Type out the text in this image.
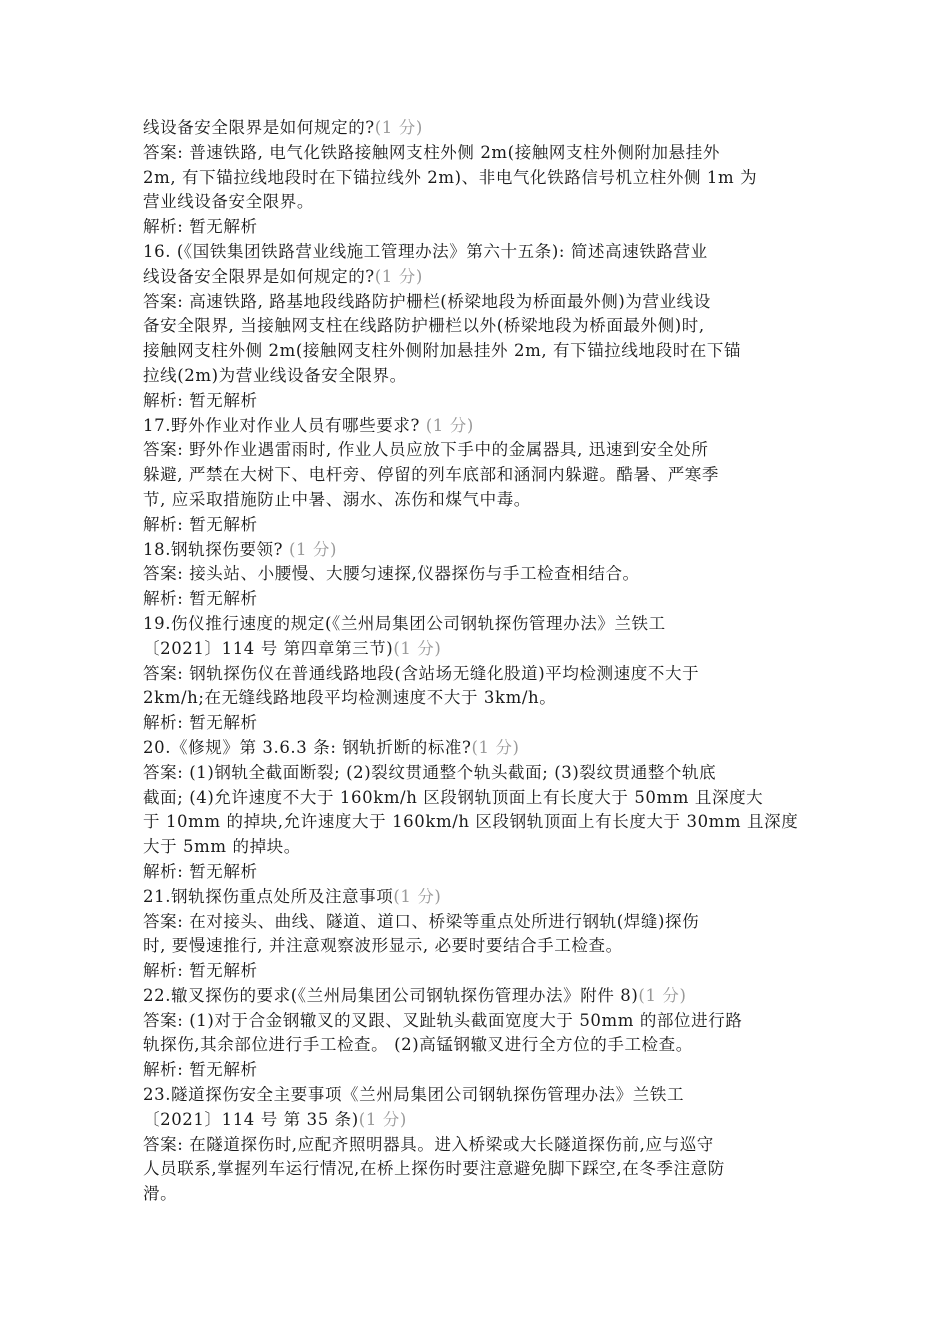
线设备安全限界是如何规定的?(1 分)
答案: 普速铁路, 电气化铁路接触网支柱外侧 2m(接触网支柱外侧附加悬挂外
2m, 有下锚拉线地段时在下锚拉线外 2m)、非电气化铁路信号机立柱外侧 1m 为
营业线设备安全限界。
解析: 暂无解析
16. (《国铁集团铁路营业线施工管理办法》第六十五条): 简述高速铁路营业
线设备安全限界是如何规定的?(1 分)
答案: 高速铁路, 路基地段线路防护栅栏(桥梁地段为桥面最外侧)为营业线设
备安全限界, 当接触网支柱在线路防护栅栏以外(桥梁地段为桥面最外侧)时,
接触网支柱外侧 2m(接触网支柱外侧附加悬挂外 2m, 有下锚拉线地段时在下锚
拉线(2m)为营业线设备安全限界。
解析: 暂无解析
17.野外作业对作业人员有哪些要求? (1 分)
答案: 野外作业遇雷雨时, 作业人员应放下手中的金属器具, 迅速到安全处所
躲避, 严禁在大树下、电杆旁、停留的列车底部和涵洞内躲避。酷暑、严寒季
节, 应采取措施防止中暑、溺水、冻伤和煤气中毒。
解析: 暂无解析
18.钢轨探伤要领? (1 分)
答案: 接头站、小腰慢、大腰匀速探,仪器探伤与手工检查相结合。
解析: 暂无解析
19.伤仪推行速度的规定(《兰州局集团公司钢轨探伤管理办法》兰铁工
〔2021〕114 号 第四章第三节)(1 分)
答案: 钢轨探伤仪在普通线路地段(含站场无缝化股道)平均检测速度不大于
2km/h;在无缝线路地段平均检测速度不大于 3km/h。
解析: 暂无解析
20.《修规》第 3.6.3 条: 钢轨折断的标准?(1 分)
答案: (1)钢轨全截面断裂; (2)裂纹贯通整个轨头截面; (3)裂纹贯通整个轨底
截面; (4)允许速度不大于 160km/h 区段钢轨顶面上有长度大于 50mm 且深度大
于 10mm 的掉块,允许速度大于 160km/h 区段钢轨顶面上有长度大于 30mm 且深度
大于 5mm 的掉块。
解析: 暂无解析
21.钢轨探伤重点处所及注意事项(1 分)
答案: 在对接头、曲线、隧道、道口、桥梁等重点处所进行钢轨(焊缝)探伤
时, 要慢速推行, 并注意观察波形显示, 必要时要结合手工检查。
解析: 暂无解析
22.辙叉探伤的要求(《兰州局集团公司钢轨探伤管理办法》附件 8)(1 分)
答案: (1)对于合金钢辙叉的叉跟、叉趾轨头截面宽度大于 50mm 的部位进行路
轨探伤,其余部位进行手工检查。 (2)高锰钢辙叉进行全方位的手工检查。
解析: 暂无解析
23.隧道探伤安全主要事项《兰州局集团公司钢轨探伤管理办法》兰铁工
〔2021〕114 号 第 35 条)(1 分)
答案: 在隧道探伤时,应配齐照明器具。进入桥梁或大长隧道探伤前,应与巡守
人员联系,掌握列车运行情况,在桥上探伤时要注意避免脚下踩空,在冬季注意防
滑。
